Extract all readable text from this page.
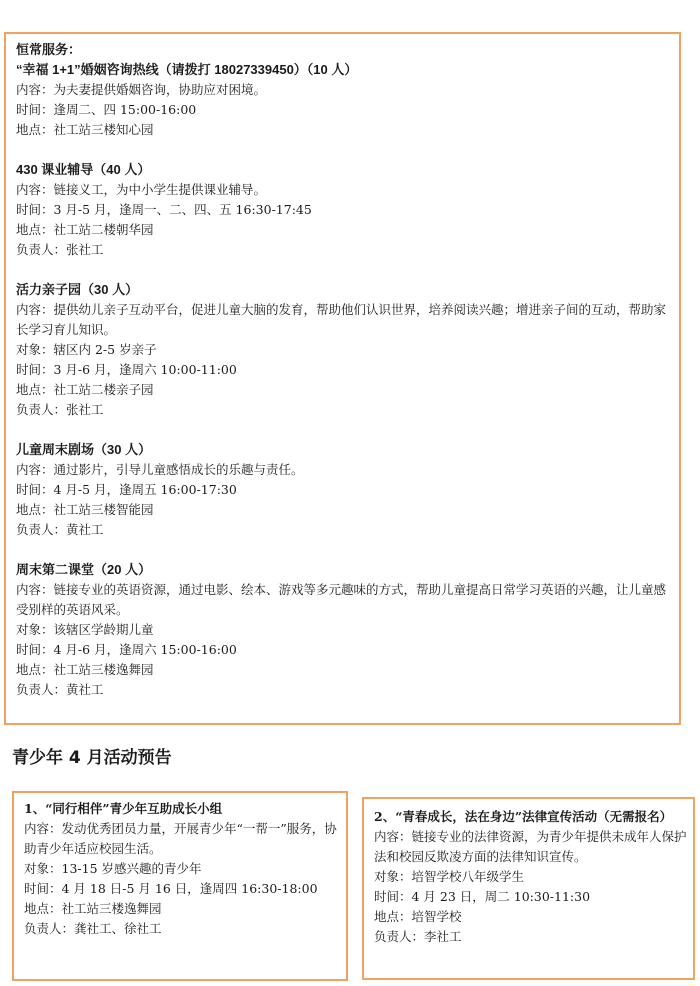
恒常服务：
“幸福 1+1”婚姻咨询热线（请拨打 18027339450）（10 人）
内容：为夫妻提供婚姻咨询，协助应对困境。
时间：逢周二、四 15:00-16:00
地点：社工站三楼知心园
430 课业辅导（40 人）
内容：链接义工，为中小学生提供课业辅导。
时间：3 月-5 月，逢周一、二、四、五 16:30-17:45
地点：社工站二楼朝华园
负责人：张社工
活力亲子园（30 人）
内容：提供幼儿亲子互动平台，促进儿童大脑的发育，帮助他们认识世界，培养阅读兴趣；增进亲子间的互动，帮助家长学习育儿知识。
对象：辖区内 2-5 岁亲子
时间：3 月-6 月，逢周六 10:00-11:00
地点：社工站二楼亲子园
负责人：张社工
儿童周末剧场（30 人）
内容：通过影片，引导儿童感悟成长的乐趣与责任。
时间：4 月-5 月，逢周五 16:00-17:30
地点：社工站三楼智能园
负责人：黄社工
周末第二课堂（20 人）
内容：链接专业的英语资源，通过电影、绘本、游戏等多元趣味的方式，帮助儿童提高日常学习英语的兴趣，让儿童感受别样的英语风采。
对象：该辖区学龄期儿童
时间：4 月-6 月，逢周六 15:00-16:00
地点：社工站三楼逸舞园
负责人：黄社工
青少年 4 月活动预告
1、“同行相伴”青少年互助成长小组
内容：发动优秀团员力量，开展青少年“一帮一”服务，协助青少年适应校园生活。
对象：13-15 岁感兴趣的青少年
时间：4 月 18 日-5 月 16 日，逢周四 16:30-18:00
地点：社工站三楼逸舞园
负责人：龚社工、徐社工
2、“青春成长，法在身边”法律宣传活动（无需报名）
内容：链接专业的法律资源，为青少年提供未成年人保护法和校园反欺凌方面的法律知识宣传。
对象：培智学校八年级学生
时间：4 月 23 日，周二 10:30-11:30
地点：培智学校
负责人：李社工
